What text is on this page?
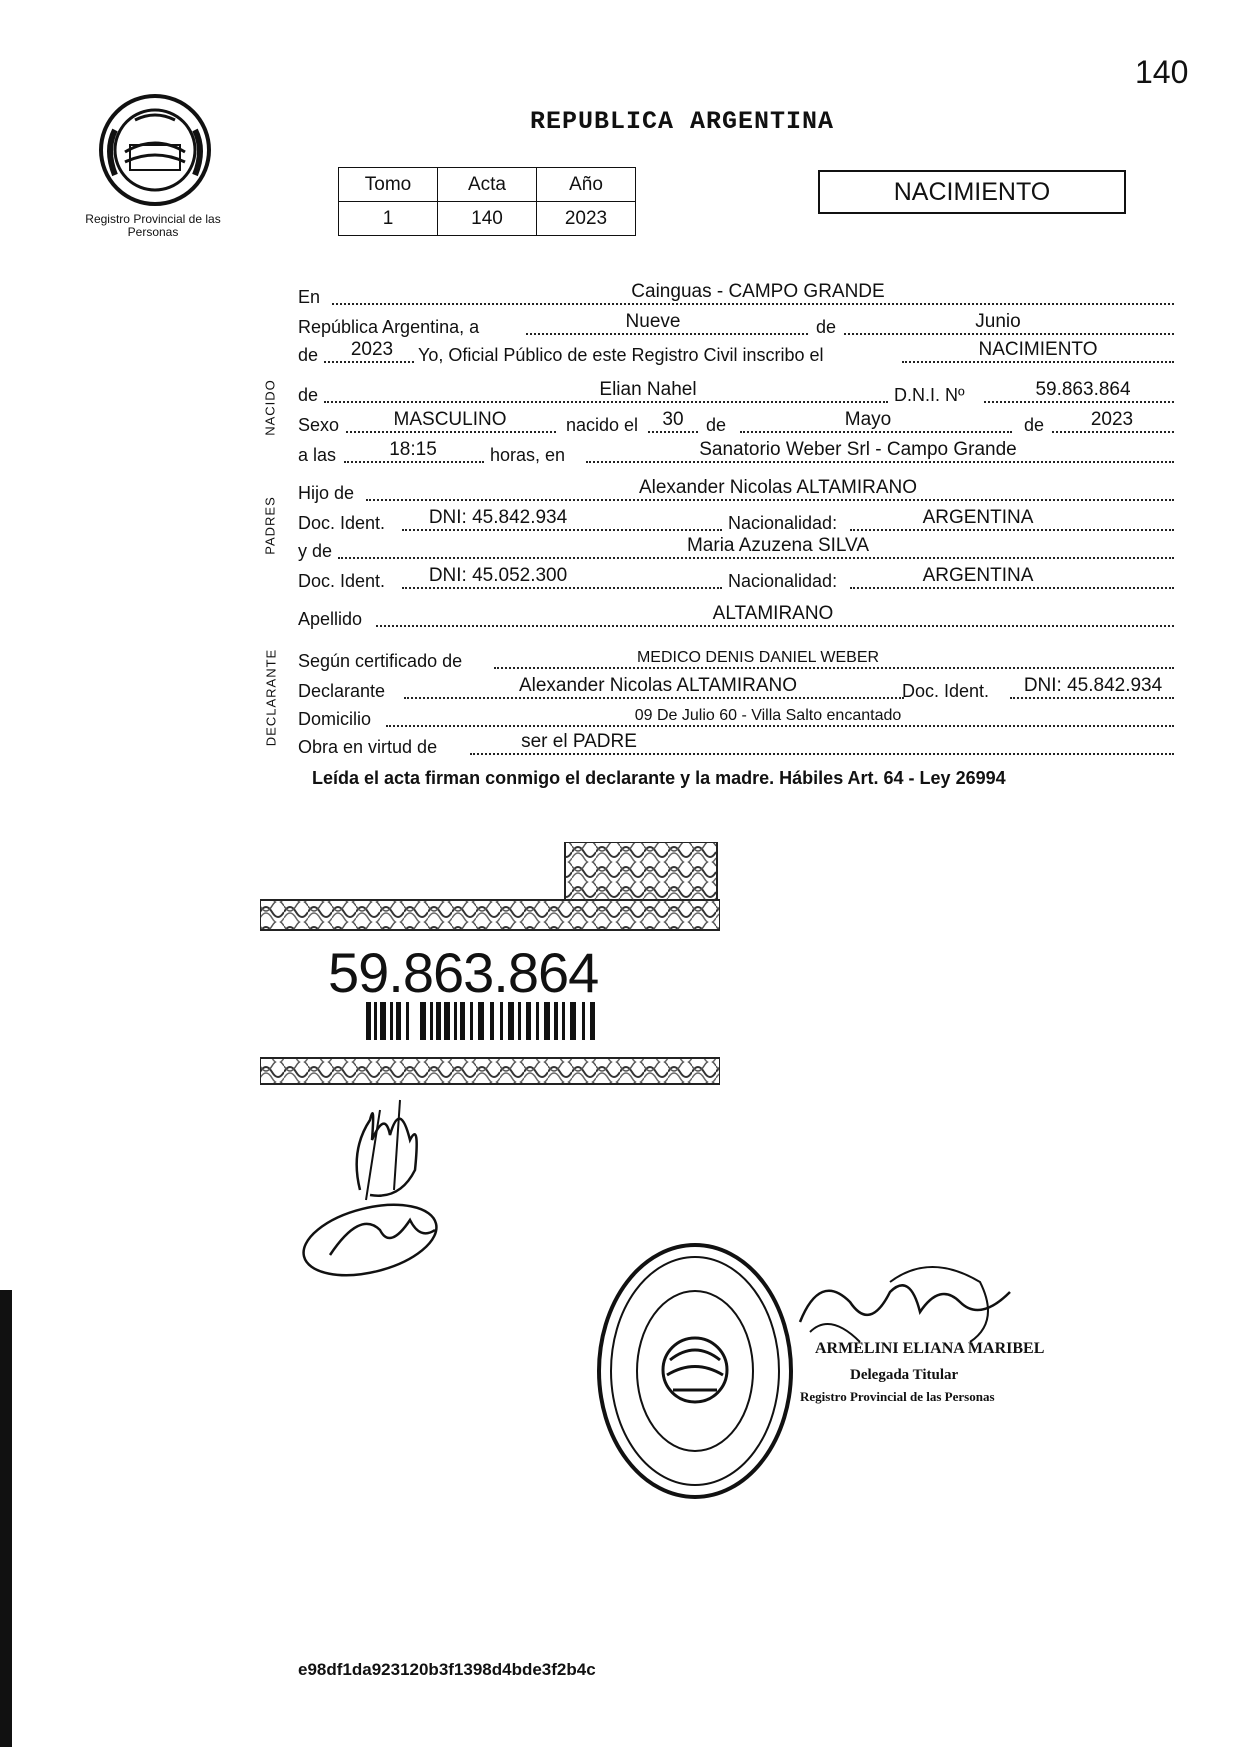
140
Registro Provincial de las Personas
REPUBLICA ARGENTINA
Tomo	Acta	Año
1	140	2023
NACIMIENTO
En	Cainguas - CAMPO GRANDE
República Argentina, a	Nueve	de	Junio
de	2023	Yo, Oficial Público de este Registro Civil inscribo el	NACIMIENTO
NACIDO de	Elian Nahel	D.N.I. Nº	59.863.864
Sexo	MASCULINO	nacido el	30	de	Mayo	de	2023
a las	18:15	horas, en	Sanatorio Weber Srl - Campo Grande
PADRES
Hijo de	Alexander Nicolas ALTAMIRANO
Doc. Ident.	DNI: 45.842.934	Nacionalidad:	ARGENTINA
y de	Maria Azuzena SILVA
Doc. Ident.	DNI: 45.052.300	Nacionalidad:	ARGENTINA
Apellido	ALTAMIRANO
DECLARANTE Según certificado de	MEDICO DENIS DANIEL WEBER
Declarante	Alexander Nicolas ALTAMIRANO	Doc. Ident.	DNI: 45.842.934
Domicilio	09 De Julio 60 - Villa Salto encantado
Obra en virtud de	ser el PADRE
Leída el acta firman conmigo el declarante y la madre. Hábiles Art. 64 - Ley 26994
59.863.864
ARMELINI ELIANA MARIBEL
Delegada Titular
Registro Provincial de las Personas
e98df1da923120b3f1398d4bde3f2b4c
